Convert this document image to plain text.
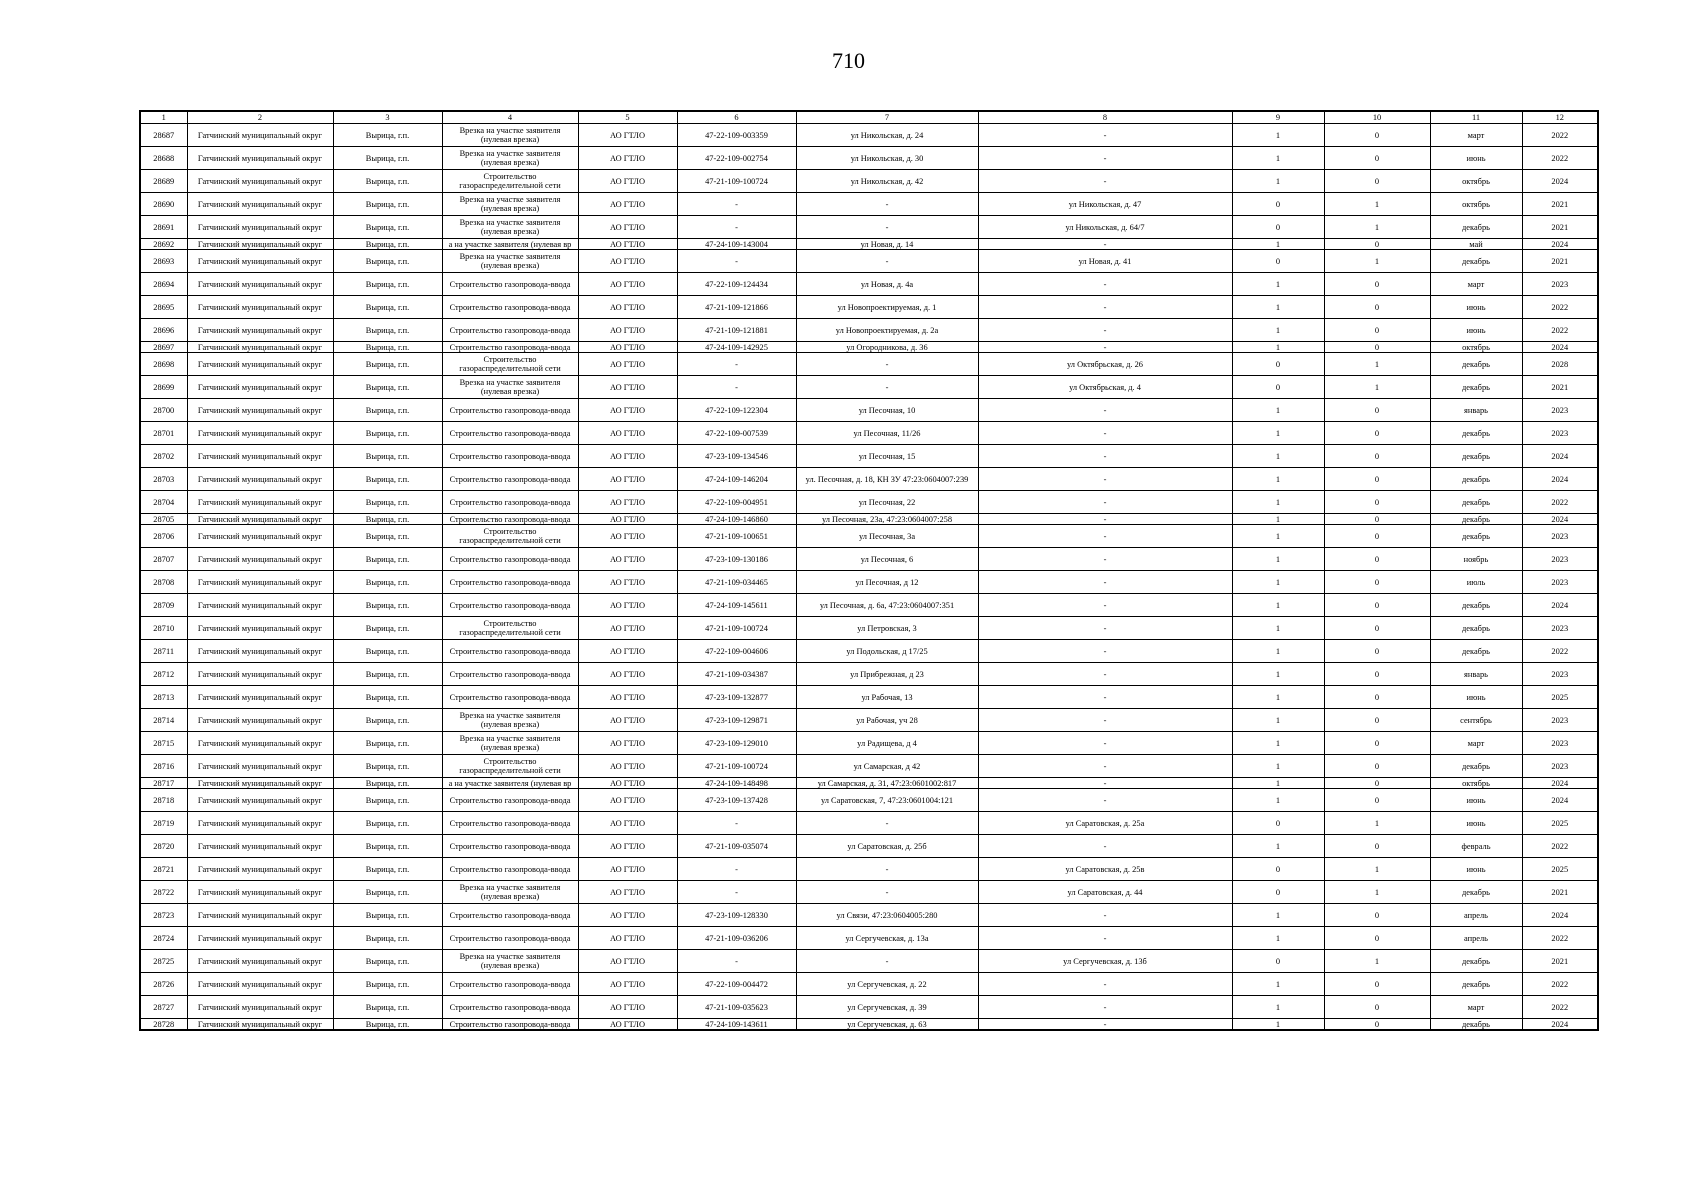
710
1	2	3	4	5	6	7	8	9	10	11	12
28687	Гатчинский муниципальный округ	Вырица, г.п.	Врезка на участке заявителя (нулевая врезка)	АО ГТЛО	47-22-109-003359	ул Никольская, д. 24	-	1	0	март	2022
28688	Гатчинский муниципальный округ	Вырица, г.п.	Врезка на участке заявителя (нулевая врезка)	АО ГТЛО	47-22-109-002754	ул Никольская, д. 30	-	1	0	июнь	2022
28689	Гатчинский муниципальный округ	Вырица, г.п.	Строительство газораспределительной сети	АО ГТЛО	47-21-109-100724	ул Никольская, д. 42	-	1	0	октябрь	2024
28690	Гатчинский муниципальный округ	Вырица, г.п.	Врезка на участке заявителя (нулевая врезка)	АО ГТЛО	-	-	ул Никольская, д. 47	0	1	октябрь	2021
28691	Гатчинский муниципальный округ	Вырица, г.п.	Врезка на участке заявителя (нулевая врезка)	АО ГТЛО	-	-	ул Никольская, д. 64/7	0	1	декабрь	2021
28692	Гатчинский муниципальный округ	Вырица, г.п.	а на участке заявителя (нулевая вр	АО ГТЛО	47-24-109-143004	ул Новая, д. 14	-	1	0	май	2024
28693	Гатчинский муниципальный округ	Вырица, г.п.	Врезка на участке заявителя (нулевая врезка)	АО ГТЛО	-	-	ул Новая, д. 41	0	1	декабрь	2021
28694	Гатчинский муниципальный округ	Вырица, г.п.	Строительство газопровода-ввода	АО ГТЛО	47-22-109-124434	ул Новая, д. 4а	-	1	0	март	2023
28695	Гатчинский муниципальный округ	Вырица, г.п.	Строительство газопровода-ввода	АО ГТЛО	47-21-109-121866	ул Новопроектируемая, д. 1	-	1	0	июнь	2022
28696	Гатчинский муниципальный округ	Вырица, г.п.	Строительство газопровода-ввода	АО ГТЛО	47-21-109-121881	ул Новопроектируемая, д. 2а	-	1	0	июнь	2022
28697	Гатчинский муниципальный округ	Вырица, г.п.	Строительство газопровода-ввода	АО ГТЛО	47-24-109-142925	ул Огородникова, д. 36	-	1	0	октябрь	2024
28698	Гатчинский муниципальный округ	Вырица, г.п.	Строительство газораспределительной сети	АО ГТЛО	-	-	ул Октябрьская, д. 26	0	1	декабрь	2028
28699	Гатчинский муниципальный округ	Вырица, г.п.	Врезка на участке заявителя (нулевая врезка)	АО ГТЛО	-	-	ул Октябрьская, д. 4	0	1	декабрь	2021
28700	Гатчинский муниципальный округ	Вырица, г.п.	Строительство газопровода-ввода	АО ГТЛО	47-22-109-122304	ул Песочная, 10	-	1	0	январь	2023
28701	Гатчинский муниципальный округ	Вырица, г.п.	Строительство газопровода-ввода	АО ГТЛО	47-22-109-007539	ул Песочная, 11/26	-	1	0	декабрь	2023
28702	Гатчинский муниципальный округ	Вырица, г.п.	Строительство газопровода-ввода	АО ГТЛО	47-23-109-134546	ул Песочная, 15	-	1	0	декабрь	2024
28703	Гатчинский муниципальный округ	Вырица, г.п.	Строительство газопровода-ввода	АО ГТЛО	47-24-109-146204	ул. Песочная, д. 18, КН ЗУ 47:23:0604007:239	-	1	0	декабрь	2024
28704	Гатчинский муниципальный округ	Вырица, г.п.	Строительство газопровода-ввода	АО ГТЛО	47-22-109-004951	ул Песочная, 22	-	1	0	декабрь	2022
28705	Гатчинский муниципальный округ	Вырица, г.п.	Строительство газопровода-ввода	АО ГТЛО	47-24-109-146860	ул Песочная, 23а, 47:23:0604007:258	-	1	0	декабрь	2024
28706	Гатчинский муниципальный округ	Вырица, г.п.	Строительство газораспределительной сети	АО ГТЛО	47-21-109-100651	ул Песочная, 3а	-	1	0	декабрь	2023
28707	Гатчинский муниципальный округ	Вырица, г.п.	Строительство газопровода-ввода	АО ГТЛО	47-23-109-130186	ул Песочная, 6	-	1	0	ноябрь	2023
28708	Гатчинский муниципальный округ	Вырица, г.п.	Строительство газопровода-ввода	АО ГТЛО	47-21-109-034465	ул Песочная, д 12	-	1	0	июль	2023
28709	Гатчинский муниципальный округ	Вырица, г.п.	Строительство газопровода-ввода	АО ГТЛО	47-24-109-145611	ул Песочная, д. 6а, 47:23:0604007:351	-	1	0	декабрь	2024
28710	Гатчинский муниципальный округ	Вырица, г.п.	Строительство газораспределительной сети	АО ГТЛО	47-21-109-100724	ул Петровская, 3	-	1	0	декабрь	2023
28711	Гатчинский муниципальный округ	Вырица, г.п.	Строительство газопровода-ввода	АО ГТЛО	47-22-109-004606	ул Подольская, д 17/25	-	1	0	декабрь	2022
28712	Гатчинский муниципальный округ	Вырица, г.п.	Строительство газопровода-ввода	АО ГТЛО	47-21-109-034387	ул Прибрежная, д 23	-	1	0	январь	2023
28713	Гатчинский муниципальный округ	Вырица, г.п.	Строительство газопровода-ввода	АО ГТЛО	47-23-109-132877	ул Рабочая, 13	-	1	0	июнь	2025
28714	Гатчинский муниципальный округ	Вырица, г.п.	Врезка на участке заявителя (нулевая врезка)	АО ГТЛО	47-23-109-129871	ул Рабочая, уч 28	-	1	0	сентябрь	2023
28715	Гатчинский муниципальный округ	Вырица, г.п.	Врезка на участке заявителя (нулевая врезка)	АО ГТЛО	47-23-109-129010	ул Радищева, д 4	-	1	0	март	2023
28716	Гатчинский муниципальный округ	Вырица, г.п.	Строительство газораспределительной сети	АО ГТЛО	47-21-109-100724	ул Самарская, д 42	-	1	0	декабрь	2023
28717	Гатчинский муниципальный округ	Вырица, г.п.	а на участке заявителя (нулевая вр	АО ГТЛО	47-24-109-148498	ул Самарская, д. 31, 47:23:0601002:817	-	1	0	октябрь	2024
28718	Гатчинский муниципальный округ	Вырица, г.п.	Строительство газопровода-ввода	АО ГТЛО	47-23-109-137428	ул Саратовская, 7, 47:23:0601004:121	-	1	0	июнь	2024
28719	Гатчинский муниципальный округ	Вырица, г.п.	Строительство газопровода-ввода	АО ГТЛО	-	-	ул Саратовская, д. 25а	0	1	июнь	2025
28720	Гатчинский муниципальный округ	Вырица, г.п.	Строительство газопровода-ввода	АО ГТЛО	47-21-109-035074	ул Саратовская, д. 25б	-	1	0	февраль	2022
28721	Гатчинский муниципальный округ	Вырица, г.п.	Строительство газопровода-ввода	АО ГТЛО	-	-	ул Саратовская, д. 25в	0	1	июнь	2025
28722	Гатчинский муниципальный округ	Вырица, г.п.	Врезка на участке заявителя (нулевая врезка)	АО ГТЛО	-	-	ул Саратовская, д. 44	0	1	декабрь	2021
28723	Гатчинский муниципальный округ	Вырица, г.п.	Строительство газопровода-ввода	АО ГТЛО	47-23-109-128330	ул Связи, 47:23:0604005:280	-	1	0	апрель	2024
28724	Гатчинский муниципальный округ	Вырица, г.п.	Строительство газопровода-ввода	АО ГТЛО	47-21-109-036206	ул Сергучевская, д. 13а	-	1	0	апрель	2022
28725	Гатчинский муниципальный округ	Вырица, г.п.	Врезка на участке заявителя (нулевая врезка)	АО ГТЛО	-	-	ул Сергучевская, д. 13б	0	1	декабрь	2021
28726	Гатчинский муниципальный округ	Вырица, г.п.	Строительство газопровода-ввода	АО ГТЛО	47-22-109-004472	ул Сергучевская, д. 22	-	1	0	декабрь	2022
28727	Гатчинский муниципальный округ	Вырица, г.п.	Строительство газопровода-ввода	АО ГТЛО	47-21-109-035623	ул Сергучевская, д. 39	-	1	0	март	2022
28728	Гатчинский муниципальный округ	Вырица, г.п.	Строительство газопровода-ввода	АО ГТЛО	47-24-109-143611	ул Сергучевская, д. 63	-	1	0	декабрь	2024
